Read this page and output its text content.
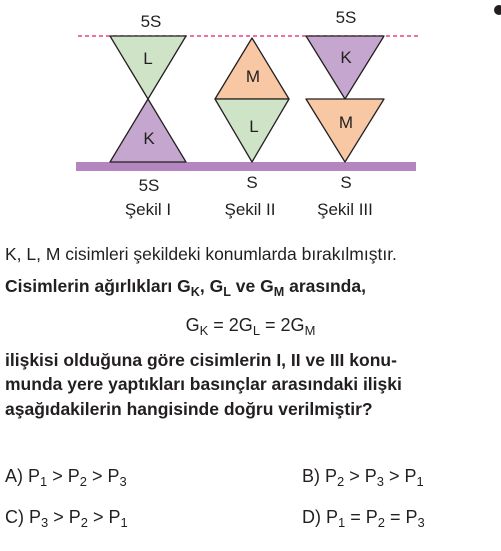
5S
L
K
5S
Şekil I
M
L
S
Şekil II
5S
K
M
S
Şekil III
K, L, M cisimleri şekildeki konumlarda bırakılmıştır.
Cisimlerin ağırlıkları $G_K$, $G_L$ ve $G_M$ arasında,
$G_K = 2G_L = 2G_M$
ilişkisi olduğuna göre cisimlerin I, II ve III konu-
munda yere yaptıkları basınçlar arasındaki ilişki
aşağıdakilerin hangisinde doğru verilmiştir?
A) $P_1 > P_2 > P_3$	B) $P_2 > P_3 > P_1$
C) $P_3 > P_2 > P_1$	D) $P_1 = P_2 = P_3$
